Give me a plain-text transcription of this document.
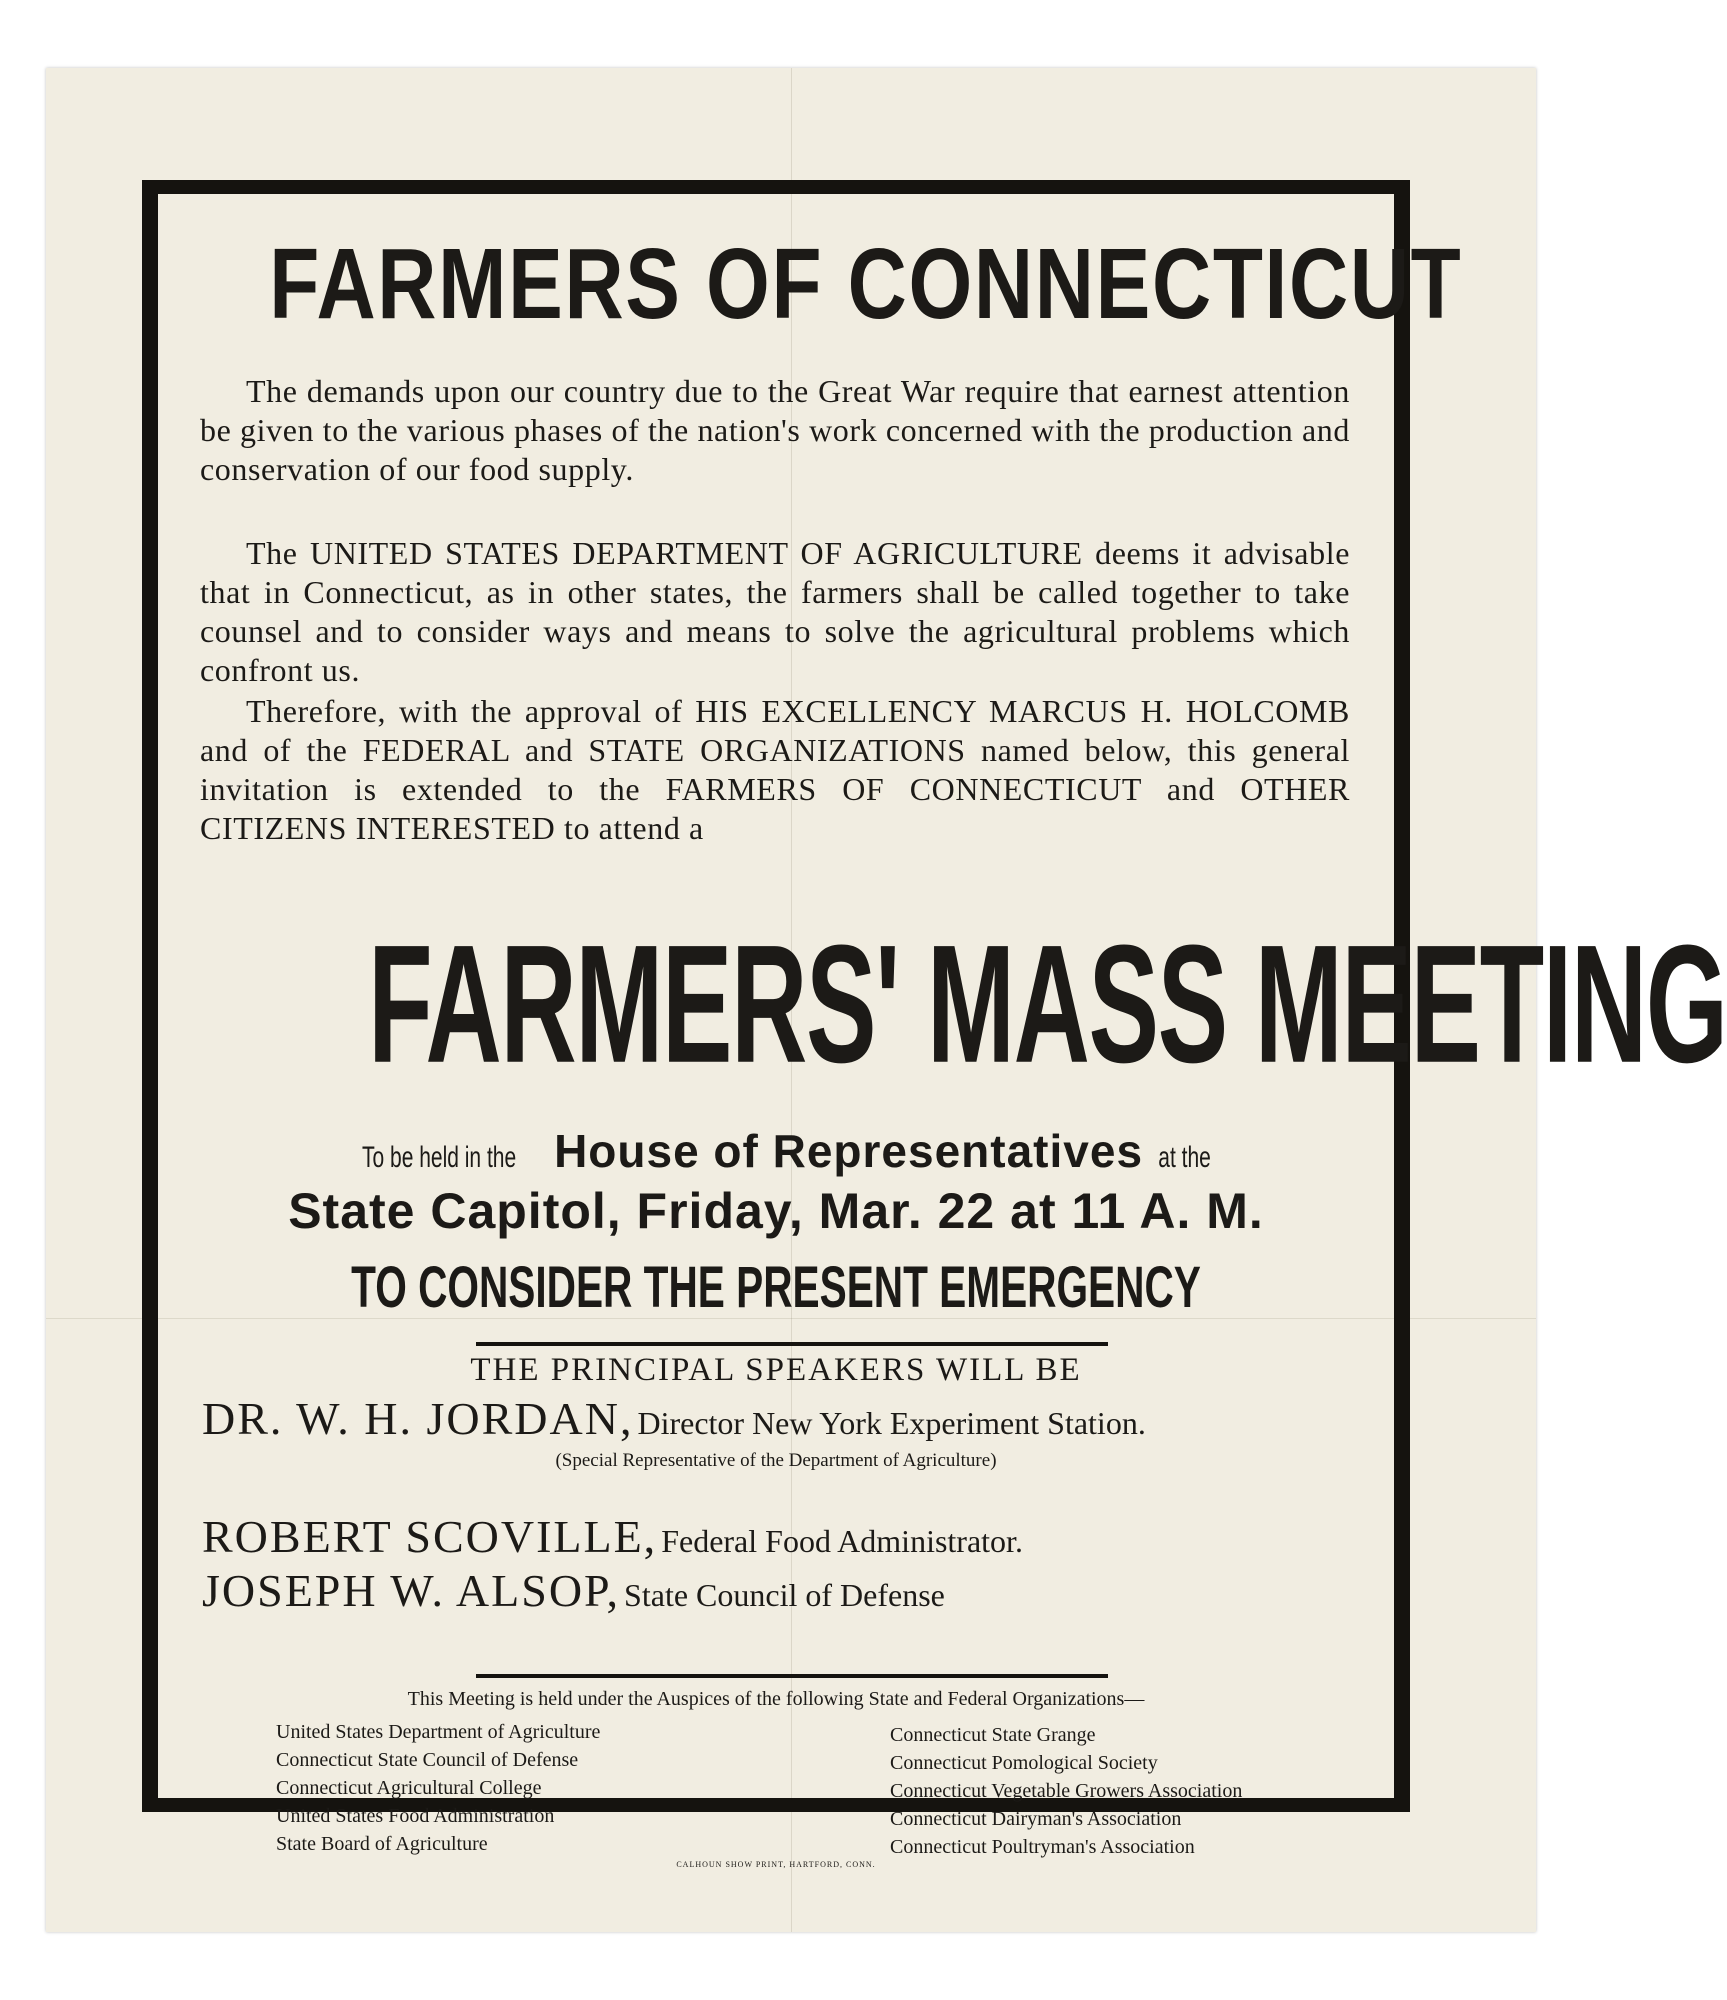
FARMERS OF CONNECTICUT
The demands upon our country due to the Great War require that earnest attention be given to the various phases of the nation's work concerned with the production and conservation of our food supply.
The UNITED STATES DEPARTMENT OF AGRICULTURE deems it advisable that in Connecticut, as in other states, the farmers shall be called together to take counsel and to consider ways and means to solve the agricultural problems which confront us.
Therefore, with the approval of HIS EXCELLENCY MARCUS H. HOLCOMB and of the FEDERAL and STATE ORGANIZATIONS named below, this general invitation is extended to the FARMERS OF CONNECTICUT and OTHER CITIZENS INTERESTED to attend a
FARMERS' MASS MEETING
To be held in the House of Representatives at the
State Capitol, Friday, Mar. 22 at 11 A. M.
TO CONSIDER THE PRESENT EMERGENCY
THE PRINCIPAL SPEAKERS WILL BE
DR. W. H. JORDAN, Director New York Experiment Station.
(Special Representative of the Department of Agriculture)
ROBERT SCOVILLE, Federal Food Administrator.
JOSEPH W. ALSOP, State Council of Defense
This Meeting is held under the Auspices of the following State and Federal Organizations—
United States Department of Agriculture
Connecticut State Council of Defense
Connecticut Agricultural College
United States Food Administration
State Board of Agriculture
Connecticut State Grange
Connecticut Pomological Society
Connecticut Vegetable Growers Association
Connecticut Dairyman's Association
Connecticut Poultryman's Association
CALHOUN SHOW PRINT, HARTFORD, CONN.
